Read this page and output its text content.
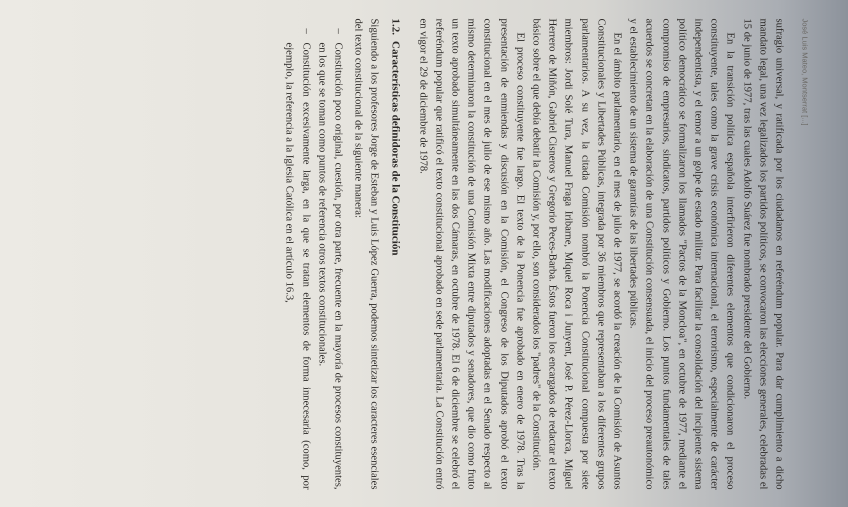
José Luis Mateo, Montserrat [...]

sufragio universal, y ratificada por los ciudadanos en referéndum popular. Para dar cumplimiento a dicho mandato legal, una vez legalizados los partidos políticos, se convocaron las elecciones generales, celebradas el 15 de junio de 1977, tras las cuales Adolfo Suárez fue nombrado presidente del Gobierno.

En la transición política española interfirieron diferentes elementos que condicionaron el proceso constituyente, tales como la grave crisis económica internacional, el terrorismo, especialmente de carácter independentista, y el temor a un golpe de estado militar. Para facilitar la consolidación del incipiente sistema político democrático se formalizaron los llamados "Pactos de la Moncloa", en octubre de 1977, mediante el compromiso de empresarios, sindicatos, partidos políticos y Gobierno. Los puntos fundamentales de tales acuerdos se concretan en la elaboración de una Constitución consensuada, el inicio del proceso preautonómico y el establecimiento de un sistema de garantías de las libertades públicas.

En el ámbito parlamentario, en el mes de julio de 1977, se acordó la creación de la Comisión de Asuntos Constitucionales y Libertades Públicas, integrada por 36 miembros que representaban a los diferentes grupos parlamentarios. A su vez, la citada Comisión nombró la Ponencia Constitucional compuesta por siete miembros: Jordi Solé Tura, Manuel Fraga Iribarne, Miquel Roca i Junyent, José P. Pérez-Llorca, Miguel Herrero de Miñón, Gabriel Cisneros y Gregorio Peces-Barba. Éstos fueron los encargados de redactar el texto básico sobre el que debía debatir la Comisión y, por ello, son considerados los "padres" de la Constitución.

El proceso constituyente fue largo. El texto de la Ponencia fue aprobado en enero de 1978. Tras la presentación de enmiendas y discusión en la Comisión, el Congreso de los Diputados aprobó el texto constitucional en el mes de julio de ese mismo año. Las modificaciones adoptadas en el Senado respecto al mismo determinaron la constitución de una Comisión Mixta entre diputados y senadores, que dio como fruto un texto aprobado simultáneamente en las dos Cámaras, en octubre de 1978. El 6 de diciembre se celebró el referéndum popular que ratificó el texto constitucional aprobado en sede parlamentaria. La Constitución entró en vigor el 29 de diciembre de 1978.

1.2.Características definidoras de la Constitución

Siguiendo a los profesores Jorge de Esteban y Luis López Guerra, podemos sintetizar los caracteres esenciales del texto constitucional de la siguiente manera:

–
Constitución poco original, cuestión, por otra parte, frecuente en la mayoría de procesos constituyentes, en los que se toman como puntos de referencia otros textos constitucionales.
–
Constitución excesivamente larga, en la que se tratan elementos de forma innecesaria (como, por ejemplo, la referencia a la Iglesia Católica en el artículo 16.3,
